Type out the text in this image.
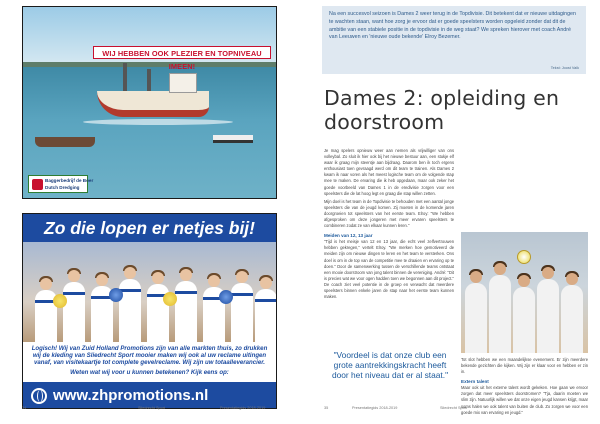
WIJ HEBBEN OOK PLEZIER EN TOPNIVEAU IMEEN!
Baggerbedrijf de Boer
Dutch Dredging
Zo die lopen er netjes bij!

Logisch! Wij van Zuid Holland Promotions zijn van alle markten thuis, zo drukken wij de kleding van Sliedrecht Sport mooier maken wij ook al uw reclame uitingen vanaf, van visitekaartje tot complete gevelreclame. Wij zijn uw totaalleverancier.

Weten wat wij voor u kunnen betekenen? Kijk eens op:

www.zhpromotions.nl
34	Sliedrecht Sport	Presentatiegids 2018-2019

Na een succesvol seizoen is Dames 2 weer terug in de Topdivisie. Dit betekent dat er nieuwe uitdagingen te wachten staan, want hoe zorg je ervoor dat er goede speelsters worden opgeleid zonder dat dit de ambitie van een stabiele positie in de topdivisie in de weg staat? We spreken hierover met coach André van Leeuwen en 'nieuwe oude bekende' Elroy Bezemer.

Tekst: Joost Valk
Dames 2: opleiding en doorstroom

Je mag spelers opnieuw weer aan nemen als vrijwilliger van ons volleybal. Zo sluit ik hier ook bij het nieuwe bestuur aan, een stukje elf waar ik graag mijn steentje aan bijdraag. Daarom ben ik toch ergens enthousiast toen gevraagd werd om dit team te trainen. Als Dames 2 kwam ik naar voren als het meest logische team om de volgende stap mee te maken. De ervaring die ik heb opgedaan, maar ook zeker het goede voorbeeld van Dames 1 in de eredivisie zorgen voor een speelsters die de lat hoog legt en graag die stap willen zetten.

Mijn doel is het team in de Topdivisie te behouden met een aantal jonge speelsters die van de jeugd komen. Zij moeten in de komende jaren doorgroeien tot speelsters van het eerste team. Elroy: "We hebben afgesproken om deze jongeren met meer ervaren speelsters te combineren zodat ze van elkaar kunnen leren."

Meiden van 12, 13 jaar

"Tijd is het meisje van 12 en 13 jaar, die echt veel zelfvertrouwen hebben gekregen," vertelt Elroy. "We merken hoe gemotiveerd de meiden zijn om nieuwe dingen te leren en het team te versterken. Ons doel is om in de top van de competitie mee te draaien en ervaring op te doen." Door de samenwerking tussen de verschillende teams ontstaat een mooie doorstroom van jong talent binnen de vereniging. André: "Dit is precies wat we voor ogen hadden toen we begonnen aan dit project." De coach ziet veel potentie in de groep en verwacht dat meerdere speelsters binnen enkele jaren de stap naar het eerste team kunnen maken.

"Voordeel is dat onze club een grote aantrekkingskracht heeft door het niveau dat er al staat."

Tot slot hebben we een maandelijkse evenement. Er zijn meerdere bekende gezichten die kijken. Wij zijn er klaar voor en hebben er zin in.

Extern talent

Maar ook uit het externe talent wordt gekeken. Hoe gaan we ervoor zorgen dat meer speelsters doorstromen? "Tja, daarin moeten we slim zijn. Natuurlijk willen we dat onze eigen jeugd kansen krijgt, maar soms halen we ook talent van buiten de club. Zo zorgen we voor een goede mix van ervaring en jeugd."

35	Presentatiegids 2018-2019	Sliedrecht Sport
